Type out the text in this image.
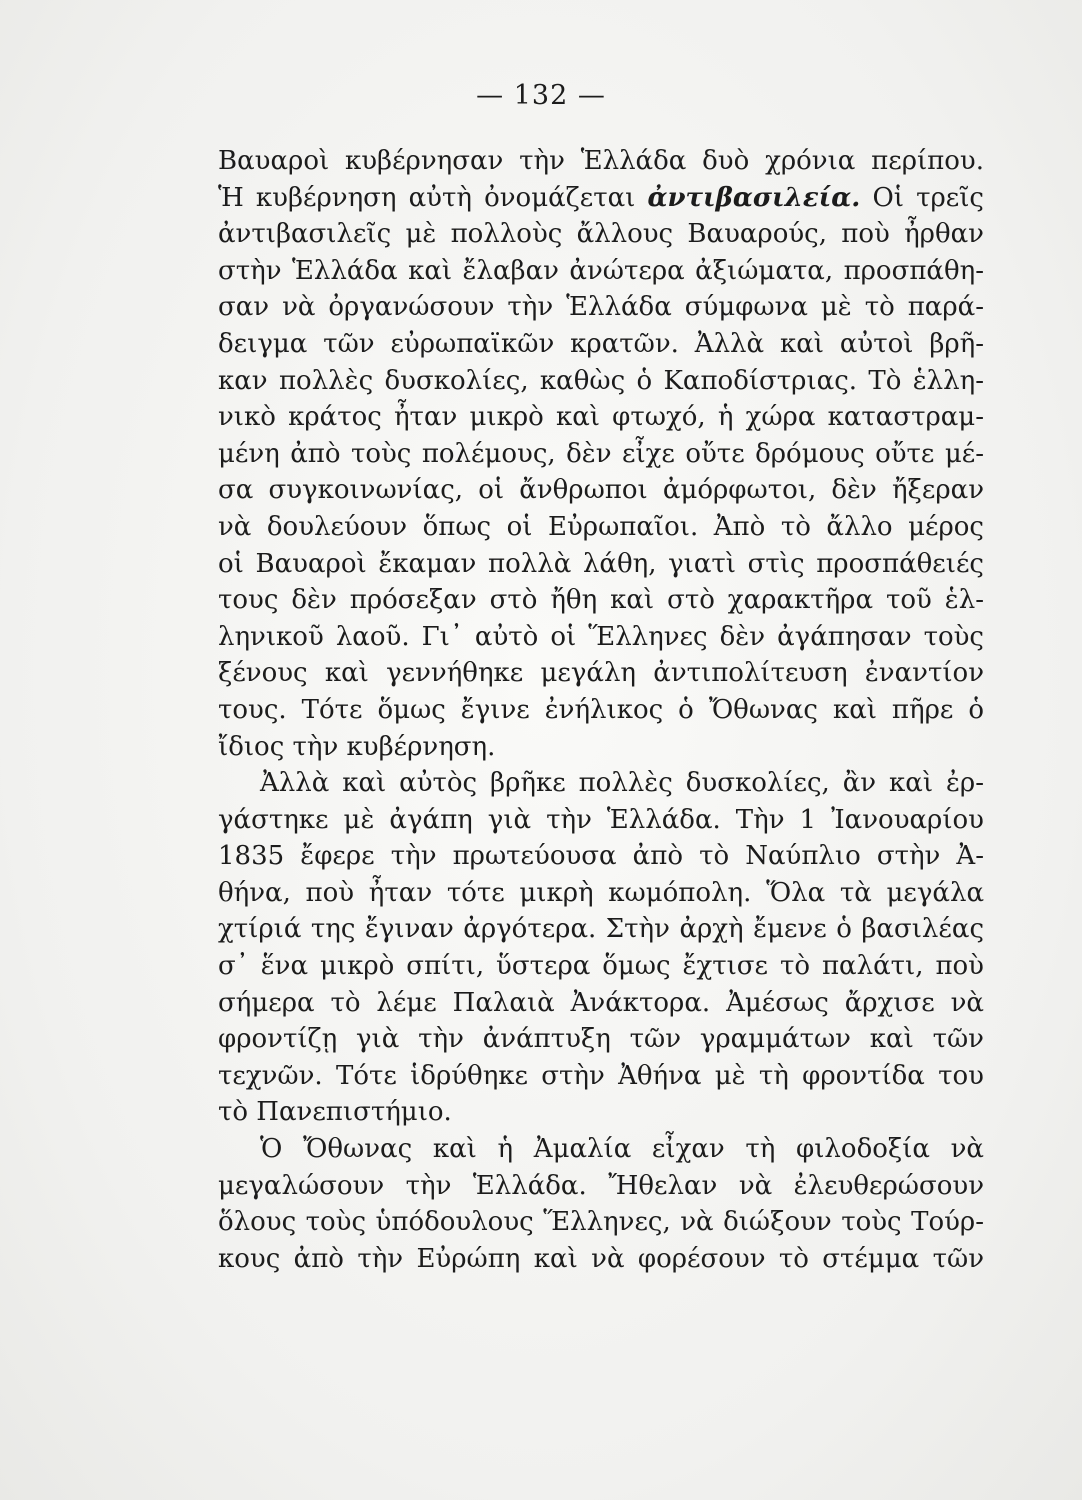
— 132 —
Βαυαροὶ κυβέρνησαν τὴν Ἑλλάδα δυὸ χρόνια περίπου.
Ἡ κυβέρνηση αὐτὴ ὀνομάζεται ἀντιβασιλεία. Οἱ τρεῖς
ἀντιβασιλεῖς μὲ πολλοὺς ἄλλους Βαυαρούς, ποὺ ἦρθαν
στὴν Ἑλλάδα καὶ ἔλαβαν ἀνώτερα ἀξιώματα, προσπάθη-
σαν νὰ ὀργανώσουν τὴν Ἑλλάδα σύμφωνα μὲ τὸ παρά-
δειγμα τῶν εὐρωπαϊκῶν κρατῶν. Ἀλλὰ καὶ αὐτοὶ βρῆ-
καν πολλὲς δυσκολίες, καθὼς ὁ Καποδίστριας. Τὸ ἑλλη-
νικὸ κράτος ἦταν μικρὸ καὶ φτωχό, ἡ χώρα καταστραμ-
μένη ἀπὸ τοὺς πολέμους, δὲν εἶχε οὔτε δρόμους οὔτε μέ-
σα συγκοινωνίας, οἱ ἄνθρωποι ἀμόρφωτοι, δὲν ἤξεραν
νὰ δουλεύουν ὅπως οἱ Εὐρωπαῖοι. Ἀπὸ τὸ ἄλλο μέρος
οἱ Βαυαροὶ ἔκαμαν πολλὰ λάθη, γιατὶ στὶς προσπάθειές
τους δὲν πρόσεξαν στὸ ἤθη καὶ στὸ χαρακτῆρα τοῦ ἑλ-
ληνικοῦ λαοῦ. Γι᾽ αὐτὸ οἱ Ἕλληνες δὲν ἀγάπησαν τοὺς
ξένους καὶ γεννήθηκε μεγάλη ἀντιπολίτευση ἐναντίον
τους. Τότε ὅμως ἔγινε ἐνήλικος ὁ Ὄθωνας καὶ πῆρε ὁ
ἴδιος τὴν κυβέρνηση.
Ἀλλὰ καὶ αὐτὸς βρῆκε πολλὲς δυσκολίες, ἂν καὶ ἐρ-
γάστηκε μὲ ἀγάπη γιὰ τὴν Ἑλλάδα. Τὴν 1 Ἰανουαρίου
1835 ἔφερε τὴν πρωτεύουσα ἀπὸ τὸ Ναύπλιο στὴν Ἀ-
θήνα, ποὺ ἦταν τότε μικρὴ κωμόπολη. Ὅλα τὰ μεγάλα
χτίριά της ἔγιναν ἀργότερα. Στὴν ἀρχὴ ἔμενε ὁ βασιλέας
σ᾽ ἕνα μικρὸ σπίτι, ὕστερα ὅμως ἔχτισε τὸ παλάτι, ποὺ
σήμερα τὸ λέμε Παλαιὰ Ἀνάκτορα. Ἀμέσως ἄρχισε νὰ
φροντίζῃ γιὰ τὴν ἀνάπτυξη τῶν γραμμάτων καὶ τῶν
τεχνῶν. Τότε ἱδρύθηκε στὴν Ἀθήνα μὲ τὴ φροντίδα του
τὸ Πανεπιστήμιο.
Ὁ Ὄθωνας καὶ ἡ Ἀμαλία εἶχαν τὴ φιλοδοξία νὰ
μεγαλώσουν τὴν Ἑλλάδα. Ἤθελαν νὰ ἐλευθερώσουν
ὅλους τοὺς ὑπόδουλους Ἕλληνες, νὰ διώξουν τοὺς Τούρ-
κους ἀπὸ τὴν Εὐρώπη καὶ νὰ φορέσουν τὸ στέμμα τῶν
